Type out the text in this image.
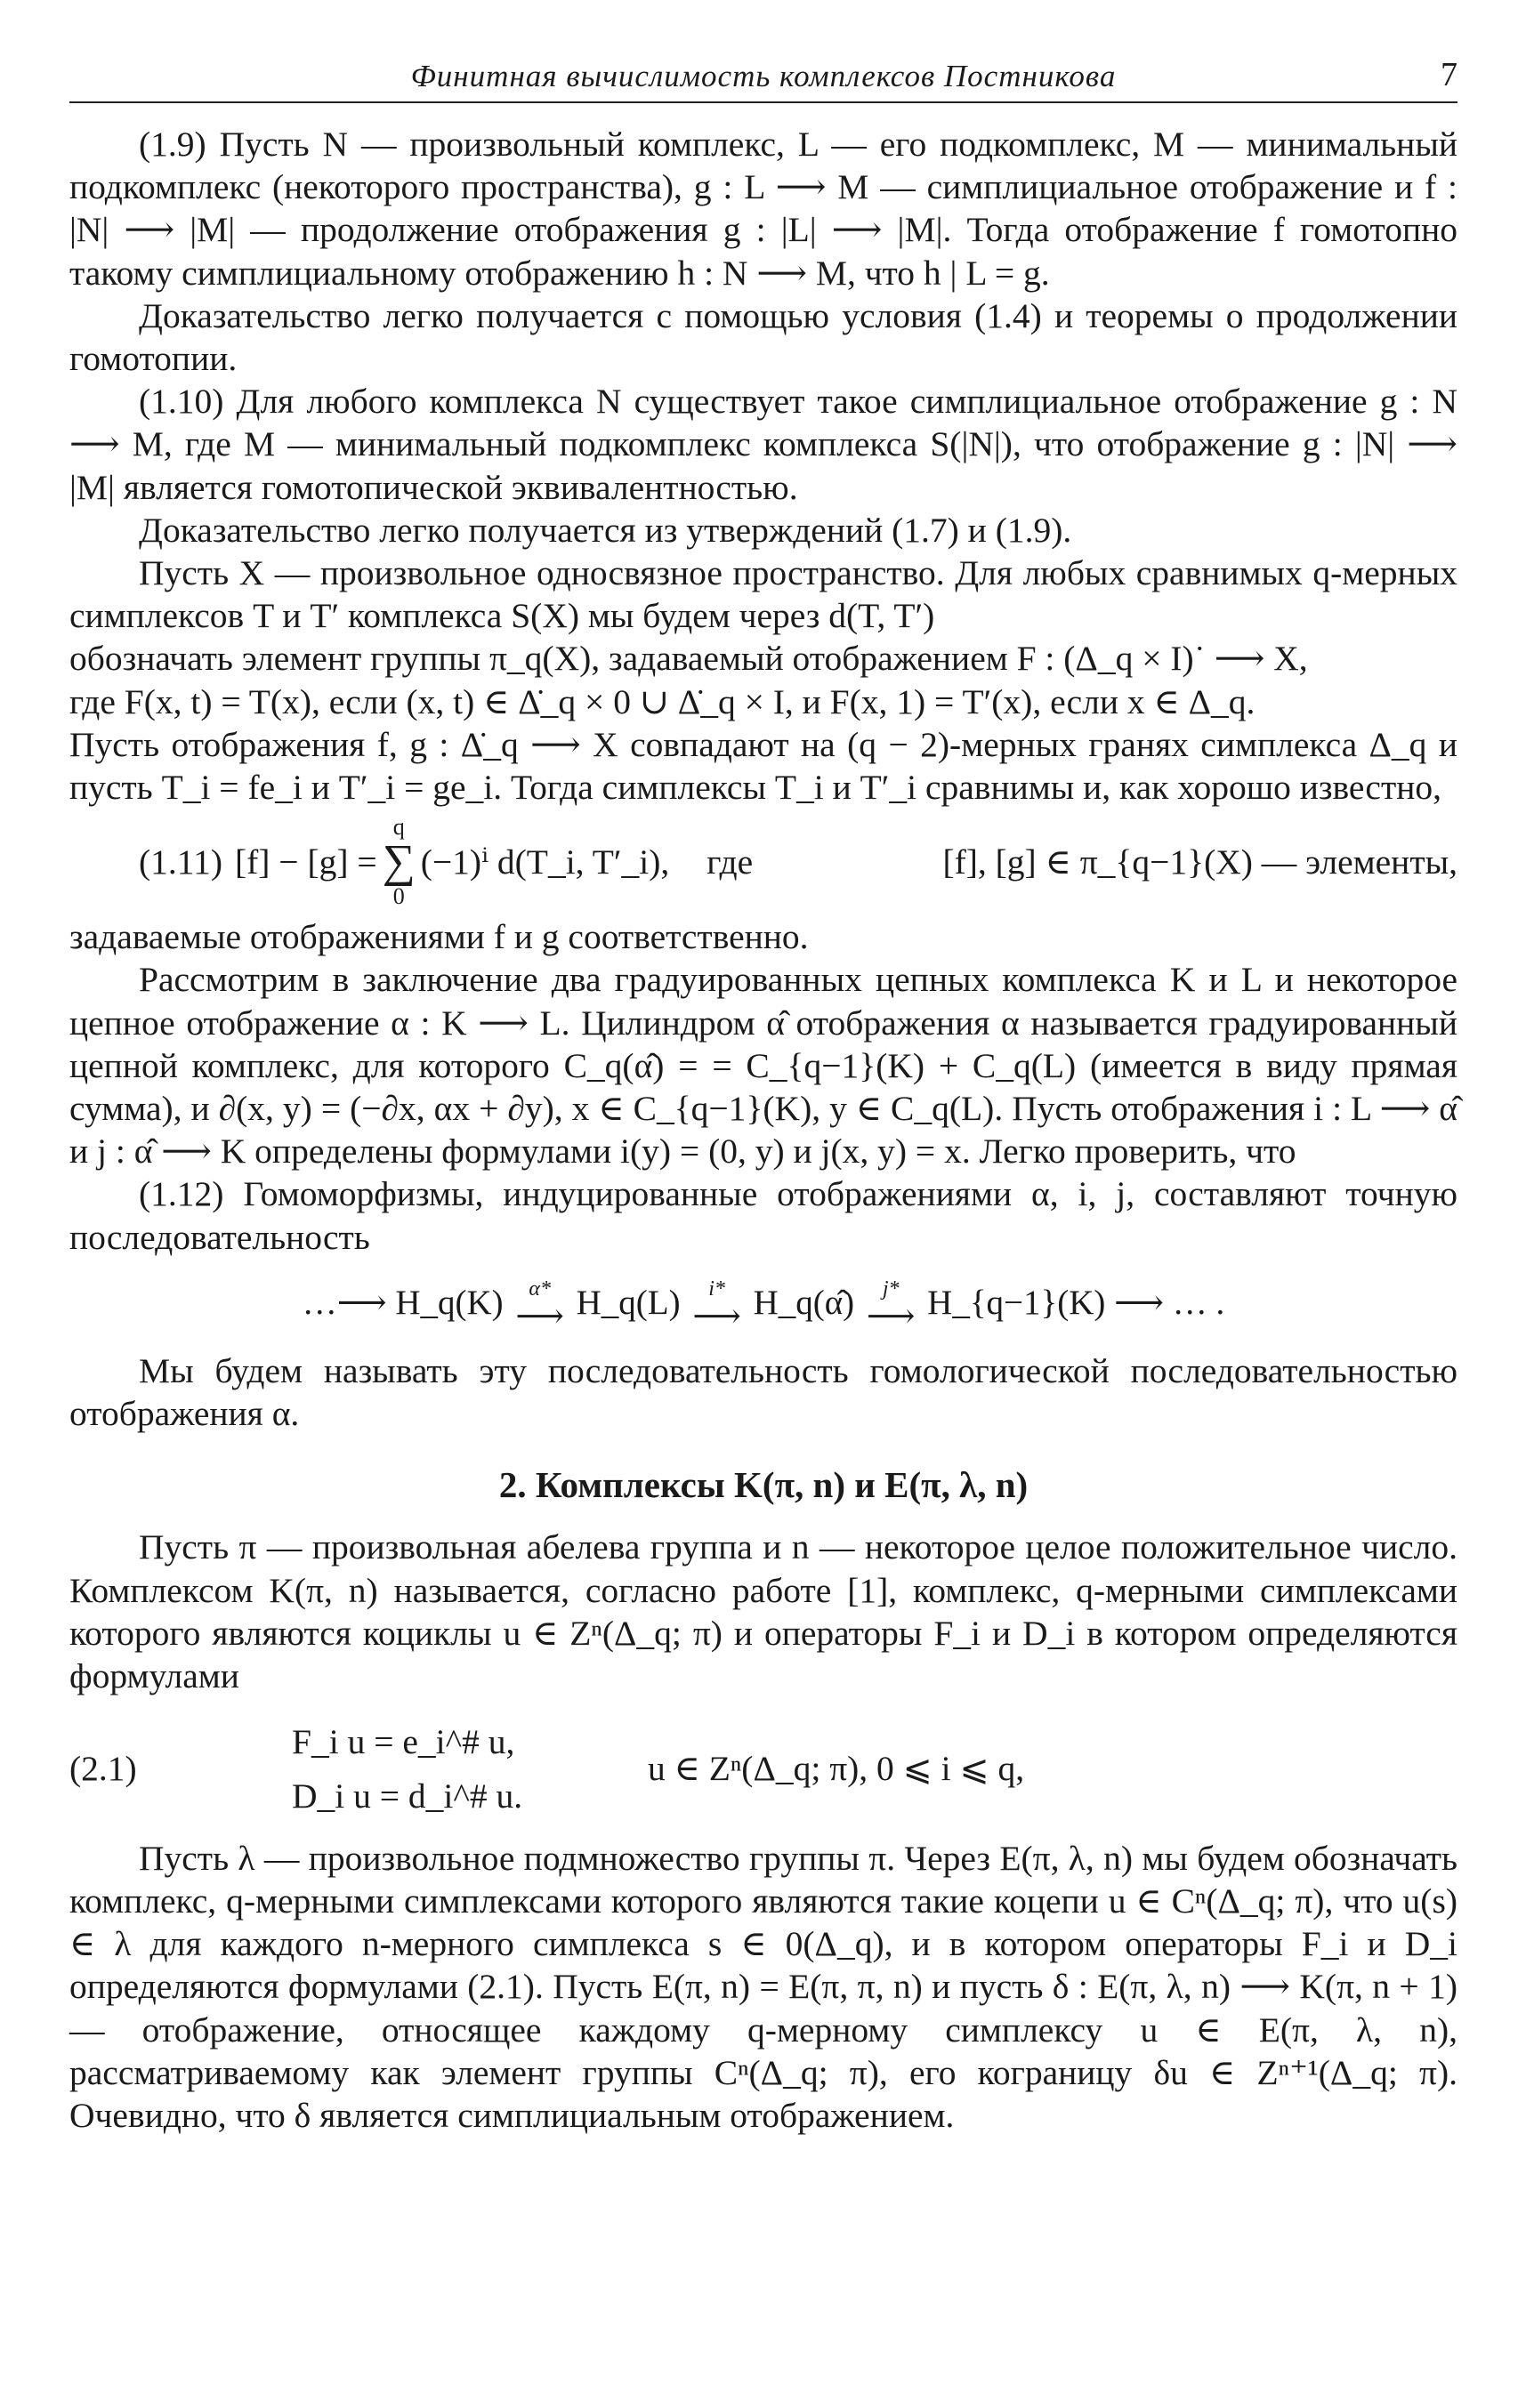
Финитная вычислимость комплексов Постникова	7

(1.9) Пусть N — произвольный комплекс, L — его подкомплекс, M — минимальный подкомплекс (некоторого пространства), g : L ⟶ M — симплициальное отображение и f : |N| ⟶ |M| — продолжение отображения g : |L| ⟶ |M|. Тогда отображение f гомотопно такому симплициальному отображению h : N ⟶ M, что h | L = g.

Доказательство легко получается с помощью условия (1.4) и теоремы о продолжении гомотопии.

(1.10) Для любого комплекса N существует такое симплициальное отображение g : N ⟶ M, где M — минимальный подкомплекс комплекса S(|N|), что отображение g : |N| ⟶ |M| является гомотопической эквивалентностью.

Доказательство легко получается из утверждений (1.7) и (1.9).

Пусть X — произвольное односвязное пространство. Для любых сравнимых q-мерных симплексов T и T′ комплекса S(X) мы будем через d(T, T′)

обозначать элемент группы π_q(X), задаваемый отображением F : (Δ_q × I)˙ ⟶ X,

где F(x, t) = T(x), если (x, t) ∈ Δ̇_q × 0 ∪ Δ̇_q × I, и F(x, 1) = T′(x), если x ∈ Δ_q.

Пусть отображения f, g : Δ̇_q ⟶ X совпадают на (q − 2)-мерных гранях симплекса Δ_q и пусть T_i = fe_i и T′_i = ge_i. Тогда симплексы T_i и T′_i сравнимы и, как хорошо известно,

(1.11) [f] − [g] =
q
∑
0
(−1)ⁱ d(T_i, T′_i), где	[f], [g] ∈ π_{q−1}(X) — элементы,

задаваемые отображениями f и g соответственно.

Рассмотрим в заключение два градуированных цепных комплекса K и L и некоторое цепное отображение α : K ⟶ L. Цилиндром α̂ отображения α называется градуированный цепной комплекс, для которого C_q(α̂) = = C_{q−1}(K) + C_q(L) (имеется в виду прямая сумма), и ∂(x, y) = (−∂x, αx + ∂y), x ∈ C_{q−1}(K), y ∈ C_q(L). Пусть отображения i : L ⟶ α̂ и j : α̂ ⟶ K определены формулами i(y) = (0, y) и j(x, y) = x. Легко проверить, что

(1.12) Гомоморфизмы, индуцированные отображениями α, i, j, составляют точную последовательность

…⟶ H_q(K) α*
⟶ H_q(L) i*
⟶ H_q(α̂) j*
⟶ H_{q−1}(K) ⟶ … .

Мы будем называть эту последовательность гомологической последовательностью отображения α.

2. Комплексы K(π, n) и E(π, λ, n)

Пусть π — произвольная абелева группа и n — некоторое целое положительное число. Комплексом K(π, n) называется, согласно работе [1], комплекс, q-мерными симплексами которого являются коциклы u ∈ Zⁿ(Δ_q; π) и операторы F_i и D_i в котором определяются формулами

(2.1)
F_i u = e_i^# u,
D_i u = d_i^# u.
u ∈ Zⁿ(Δ_q; π), 0 ⩽ i ⩽ q,

Пусть λ — произвольное подмножество группы π. Через E(π, λ, n) мы будем обозначать комплекс, q-мерными симплексами которого являются такие коцепи u ∈ Cⁿ(Δ_q; π), что u(s) ∈ λ для каждого n-мерного симплекса s ∈ 0(Δ_q), и в котором операторы F_i и D_i определяются формулами (2.1). Пусть E(π, n) = E(π, π, n) и пусть δ : E(π, λ, n) ⟶ K(π, n + 1) — отображение, относящее каждому q-мерному симплексу u ∈ E(π, λ, n), рассматриваемому как элемент группы Cⁿ(Δ_q; π), его кограницу δu ∈ Zⁿ⁺¹(Δ_q; π). Очевидно, что δ является симплициальным отображением.
